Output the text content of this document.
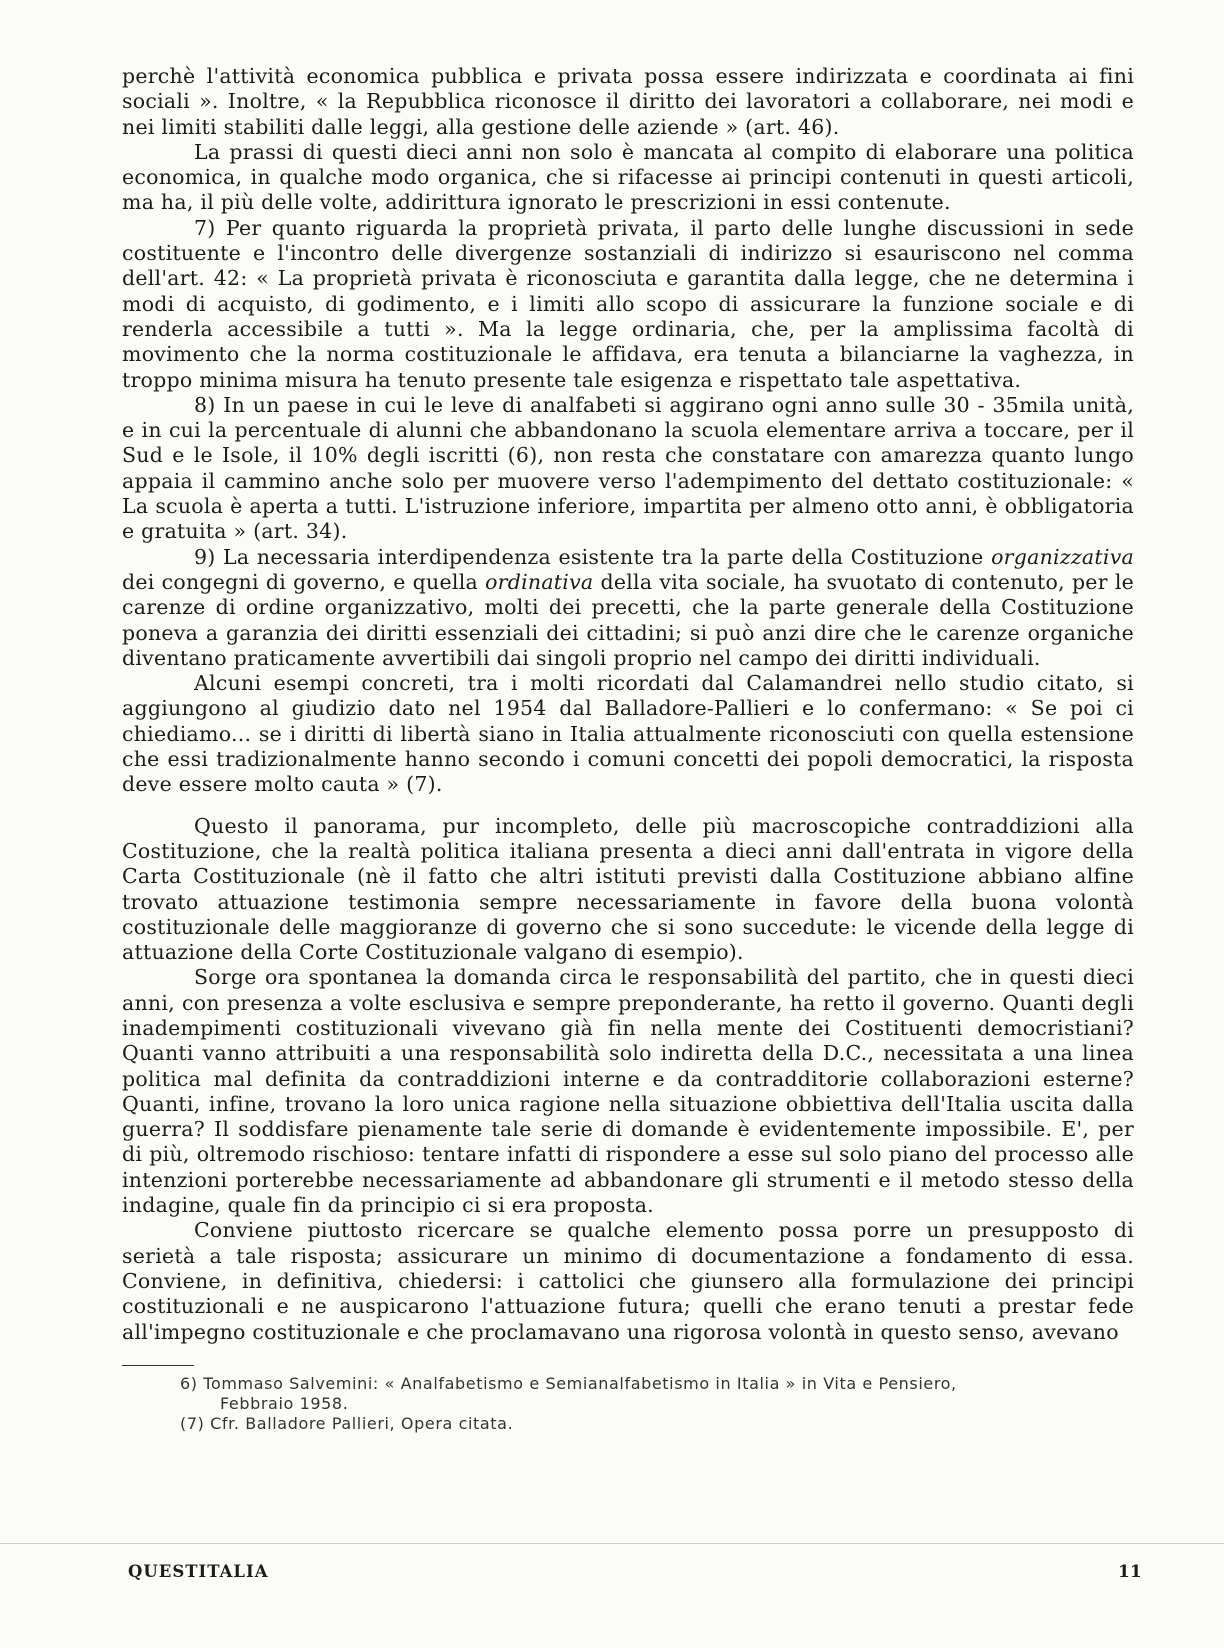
perchè l'attività economica pubblica e privata possa essere indirizzata e coordinata ai fini sociali ». Inoltre, « la Repubblica riconosce il diritto dei lavoratori a collaborare, nei modi e nei limiti stabiliti dalle leggi, alla gestione delle aziende » (art. 46).

La prassi di questi dieci anni non solo è mancata al compito di elaborare una politica economica, in qualche modo organica, che si rifacesse ai principi contenuti in questi articoli, ma ha, il più delle volte, addirittura ignorato le prescrizioni in essi contenute.

7) Per quanto riguarda la proprietà privata, il parto delle lunghe discussioni in sede costituente e l'incontro delle divergenze sostanziali di indirizzo si esauriscono nel comma dell'art. 42: « La proprietà privata è riconosciuta e garantita dalla legge, che ne determina i modi di acquisto, di godimento, e i limiti allo scopo di assicurare la funzione sociale e di renderla accessibile a tutti ». Ma la legge ordinaria, che, per la amplissima facoltà di movimento che la norma costituzionale le affidava, era tenuta a bilanciarne la vaghezza, in troppo minima misura ha tenuto presente tale esigenza e rispettato tale aspettativa.

8) In un paese in cui le leve di analfabeti si aggirano ogni anno sulle 30 - 35mila unità, e in cui la percentuale di alunni che abbandonano la scuola elementare arriva a toccare, per il Sud e le Isole, il 10% degli iscritti (6), non resta che constatare con amarezza quanto lungo appaia il cammino anche solo per muovere verso l'adempimento del dettato costituzionale: « La scuola è aperta a tutti. L'istruzione inferiore, impartita per almeno otto anni, è obbligatoria e gratuita » (art. 34).

9) La necessaria interdipendenza esistente tra la parte della Costituzione organizzativa dei congegni di governo, e quella ordinativa della vita sociale, ha svuotato di contenuto, per le carenze di ordine organizzativo, molti dei precetti, che la parte generale della Costituzione poneva a garanzia dei diritti essenziali dei cittadini; si può anzi dire che le carenze organiche diventano praticamente avvertibili dai singoli proprio nel campo dei diritti individuali.

Alcuni esempi concreti, tra i molti ricordati dal Calamandrei nello studio citato, si aggiungono al giudizio dato nel 1954 dal Balladore-Pallieri e lo confermano: « Se poi ci chiediamo... se i diritti di libertà siano in Italia attualmente riconosciuti con quella estensione che essi tradizionalmente hanno secondo i comuni concetti dei popoli democratici, la risposta deve essere molto cauta » (7).

Questo il panorama, pur incompleto, delle più macroscopiche contraddizioni alla Costituzione, che la realtà politica italiana presenta a dieci anni dall'entrata in vigore della Carta Costituzionale (nè il fatto che altri istituti previsti dalla Costituzione abbiano alfine trovato attuazione testimonia sempre necessariamente in favore della buona volontà costituzionale delle maggioranze di governo che si sono succedute: le vicende della legge di attuazione della Corte Costituzionale valgano di esempio).

Sorge ora spontanea la domanda circa le responsabilità del partito, che in questi dieci anni, con presenza a volte esclusiva e sempre preponderante, ha retto il governo. Quanti degli inadempimenti costituzionali vivevano già fin nella mente dei Costituenti democristiani? Quanti vanno attribuiti a una responsabilità solo indiretta della D.C., necessitata a una linea politica mal definita da contraddizioni interne e da contradditorie collaborazioni esterne? Quanti, infine, trovano la loro unica ragione nella situazione obbiettiva dell'Italia uscita dalla guerra? Il soddisfare pienamente tale serie di domande è evidentemente impossibile. E', per di più, oltremodo rischioso: tentare infatti di rispondere a esse sul solo piano del processo alle intenzioni porterebbe necessariamente ad abbandonare gli strumenti e il metodo stesso della indagine, quale fin da principio ci si era proposta.

Conviene piuttosto ricercare se qualche elemento possa porre un presupposto di serietà a tale risposta; assicurare un minimo di documentazione a fondamento di essa. Conviene, in definitiva, chiedersi: i cattolici che giunsero alla formulazione dei principi costituzionali e ne auspicarono l'attuazione futura; quelli che erano tenuti a prestar fede all'impegno costituzionale e che proclamavano una rigorosa volontà in questo senso, avevano

6) Tommaso Salvemini: « Analfabetismo e Semianalfabetismo in Italia » in Vita e Pensiero,

Febbraio 1958.

(7) Cfr. Balladore Pallieri, Opera citata.

QUESTITALIA	11
